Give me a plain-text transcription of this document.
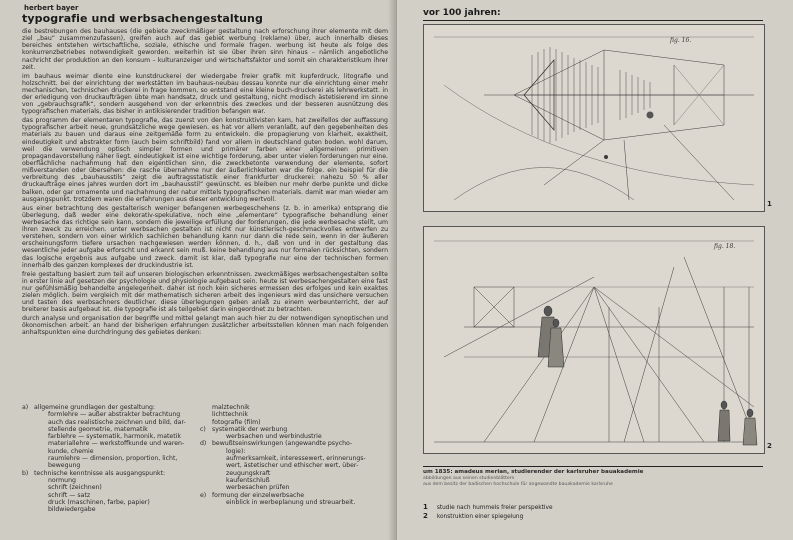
herbert bayer
typografie und werbsachengestaltung

die bestrebungen des bauhauses (die gebiete zweckmäßiger gestaltung nach erforschung ihrer elemente mit dem ziel „bau“ zusammenzufassen), greifen auch auf das gebiet werbung (reklame) über, auch innerhalb dieses bereiches entstehen wirtschaftliche, soziale, ethische und formale fragen. werbung ist heute als folge des konkurrenzbetriebes notwendigkeit geworden. weiterhin ist sie über ihren sinn hinaus – nämlich angebotliche nachricht der produktion an den konsum – kulturanzeiger und wirtschaftsfaktor und somit ein charakteristikum ihrer zeit.

im bauhaus weimar diente eine kunstdruckerei der wiedergabe freier grafik mit kupferdruck, litografie und holzschnitt. bei der einrichtung der werkstätten im bauhaus-neubau dessau konnte nur die einrichtung einer mehr mechanischen, technischen druckerei in frage kommen, so entstand eine kleine buch-druckerei als lehrwerkstatt. in der erledigung von druckaufträgen übte man handsatz, druck und gestaltung, nicht modisch ästetisierend im sinne von „gebrauchsgrafik“, sondern ausgehend von der erkenntnis des zweckes und der besseren ausnützung des typografischen materials, das bisher in antikisierender tradition befangen war.

das programm der elementaren typografie, das zuerst von den konstruktivisten kam, hat zweifellos der auffassung typografischer arbeit neue, grundsätzliche wege gewiesen. es hat vor allem veranlaßt, auf den gegebenheiten des materials zu bauen und daraus eine zeitgemäße form zu entwickeln. die propagierung von klarheit, exaktheit, eindeutigkeit und abstrakter form (auch beim schriftbild) fand vor allem in deutschland guten boden. wohl darum, weil die verwendung optisch simpler formen und primärer farben einer allgemeinen primitiven propagandavorstellung näher liegt. eindeutigkeit ist eine wichtige forderung, aber unter vielen forderungen nur eine. oberflächliche nachahmung hat den eigentlichen sinn, die zweckbetonte verwendung der elemente, sofort mißverstanden oder übersehen: die rasche übernahme nur der äußerlichkeiten war die folge. ein beispiel für die verbreitung des „bauhausstils“ zeigt die auftragsstatistik einer frankfurter druckerei: nahezu 50 % aller druckaufträge eines jahres wurden dort im „bauhausstil“ gewünscht. es bleiben nur mehr derbe punkte und dicke balken, oder gar ornamente und nachahmung der natur mittels typografischen materials. damit war man wieder am ausgangspunkt. trotzdem waren die erfahrungen aus dieser entwicklung wertvoll.

aus einer betrachtung des gestalterisch weniger befangenen werbegeschehens (z. b. in amerika) entsprang die überlegung, daß weder eine dekorativ-spekulative, noch eine „elementare“ typografische behandlung einer werbesache das richtige sein kann, sondern die jeweilige erfüllung der forderungen, die jede werbesache stellt, um ihren zweck zu erreichen. unter werbsachen gestalten ist nicht nur künstlerisch-geschmackvolles entwerfen zu verstehen, sondern von einer wirklich sachlichen behandlung kann nur dann die rede sein, wenn in der äußeren erscheinungsform tiefere ursachen nachgewiesen werden können, d. h., daß von und in der gestaltung das wesentliche jeder aufgabe erforscht und erkannt sein muß. keine behandlung aus nur formalen rücksichten, sondern das logische ergebnis aus aufgabe und zweck. damit ist klar, daß typografie nur eine der technischen formen innerhalb des ganzen komplexes der druckindustrie ist.

freie gestaltung basiert zum teil auf unseren biologischen erkenntnissen. zweckmäßiges werbsachengestalten sollte in erster linie auf gesetzen der psychologie und physiologie aufgebaut sein. heute ist werbesachengestalten eine fast nur gefühlsmäßig behandelte angelegenheit. daher ist noch kein sicheres ermessen des erfolges und kein exaktes zielen möglich. beim vergleich mit der mathematisch sicheren arbeit des ingenieurs wird das unsichere versuchen und tasten des werbsachners deutlicher. diese überlegungen geben anlaß zu einem werbeunterricht, der auf breiterer basis aufgebaut ist. die typografie ist als teilgebiet darin eingeordnet zu betrachten.

durch analyse und organisation der begriffe und mittel gelangt man auch hier zu der notwendigen synoptischen und ökonomischen arbeit. an hand der bisherigen erfahrungen zusätzlicher arbeitsstellen können man nach folgenden anhaltspunkten eine durchdringung des gebietes denken:

a) allgemeine grundlagen der gestaltung:
formlehre — außer abstrakter betrachtung
auch das realistische zeichnen und bild, dar-
stellende geometrie, matematik
farblehre — systematik, harmonik, matetik
materiallehre — werkstoffkunde und waren-
kunde, chemie
raumlehre — dimension, proportion, licht,
bewegung
b) technische kenntnisse als ausgangspunkt:
normung
schrift (zeichnen)
schrift — satz
druck (maschinen, farbe, papier)
bildwiedergabe
malztechnik
lichttechnik
fotografie (film)
c) systematik der werbung
werbsachen und werbindustrie
d) bewußtseinswirkungen (angewandte psycho-
logie):
aufmerksamkeit, interessewert, erinnerungs-
wert, ästetischer und ethischer wert, über-
zeugungskraft
kaufentschluß
werbesachen prüfen
e) formung der einzelwerbsache
einblick in werbeplanung und streuarbeit.
vor 100 jahren:
fig. 16.
1
fig. 18.
2
um 1835: amadeus merian, studierender der karlsruher bauakademie
abbildungen aus seinen studienblättern
aus dem besitz der badischen hochschule für angewandte bauakademie karlsruhe
1 studie nach hummels freier perspektive
2 konstruktion einer spiegelung
